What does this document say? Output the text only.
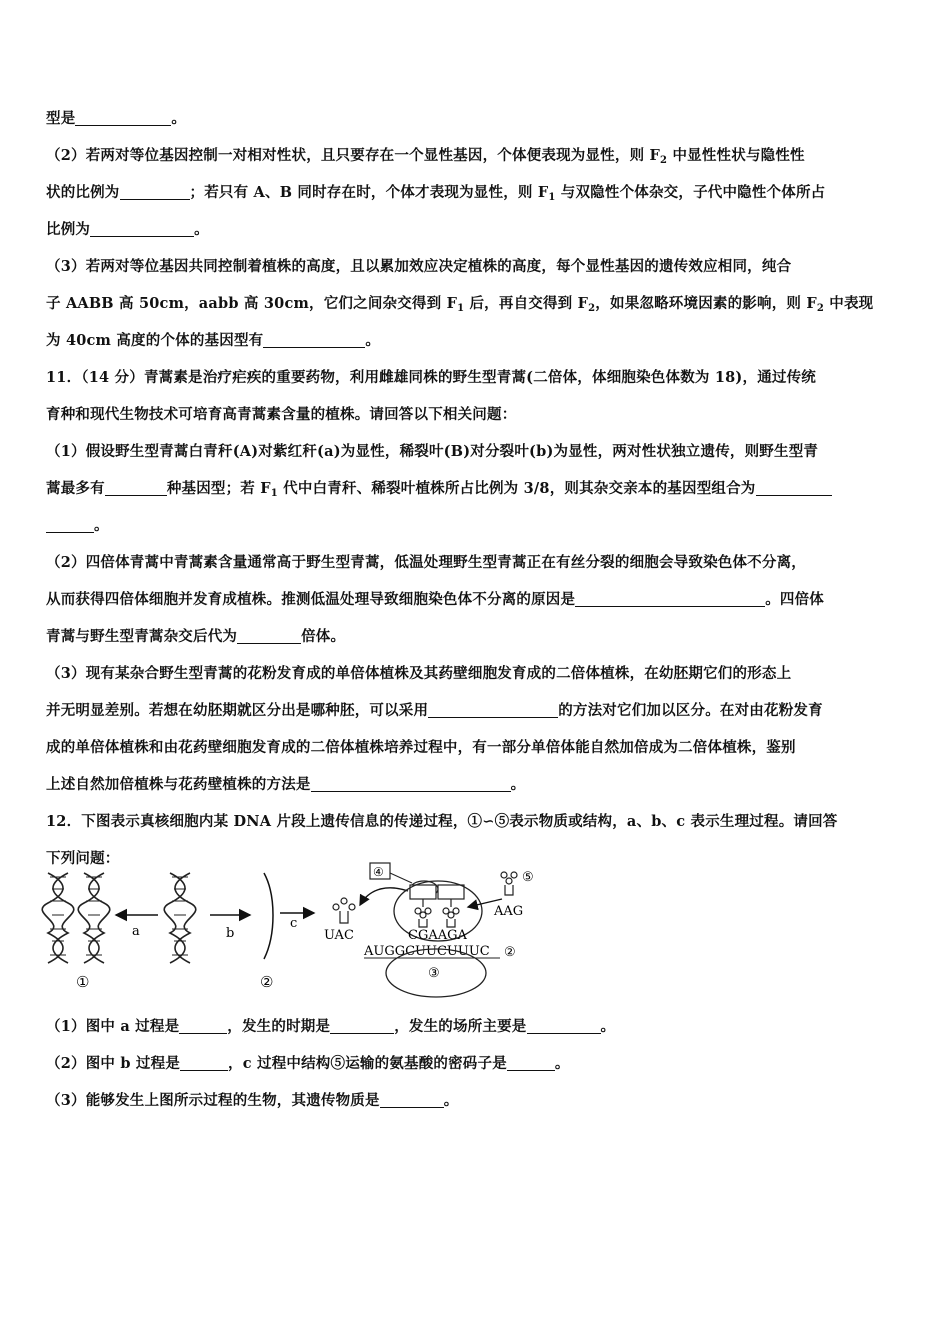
型是	。
（2）若两对等位基因控制一对相对性状，且只要存在一个显性基因，个体便表现为显性，则 $F_2$ 中显性性状与隐性性
状的比例为	；若只有 A、B 同时存在时，个体才表现为显性，则 $F_1$ 与双隐性个体杂交，子代中隐性个体所占
比例为	。
（3）若两对等位基因共同控制着植株的高度，且以累加效应决定植株的高度，每个显性基因的遗传效应相同，纯合
子 AABB 高 50cm，aabb 高 30cm，它们之间杂交得到 $F_1$ 后，再自交得到 $F_2$，如果忽略环境因素的影响，则 $F_2$ 中表现
为 40cm 高度的个体的基因型有	。
11．（14 分）青蒿素是治疗疟疾的重要药物，利用雌雄同株的野生型青蒿(二倍体，体细胞染色体数为 18)，通过传统
育种和现代生物技术可培育高青蒿素含量的植株。请回答以下相关问题：
（1）假设野生型青蒿白青秆(A)对紫红秆(a)为显性，稀裂叶(B)对分裂叶(b)为显性，两对性状独立遗传，则野生型青
蒿最多有	种基因型；若 $F_1$ 代中白青秆、稀裂叶植株所占比例为 3/8，则其杂交亲本的基因型组合为
。
（2）四倍体青蒿中青蒿素含量通常高于野生型青蒿，低温处理野生型青蒿正在有丝分裂的细胞会导致染色体不分离，
从而获得四倍体细胞并发育成植株。推测低温处理导致细胞染色体不分离的原因是	。四倍体
青蒿与野生型青蒿杂交后代为	倍体。
（3）现有某杂合野生型青蒿的花粉发育成的单倍体植株及其药壁细胞发育成的二倍体植株，在幼胚期它们的形态上
并无明显差别。若想在幼胚期就区分出是哪种胚，可以采用	的方法对它们加以区分。在对由花粉发育
成的单倍体植株和由花药壁细胞发育成的二倍体植株培养过程中，有一部分单倍体能自然加倍成为二倍体植株，鉴别
上述自然加倍植株与花药壁植株的方法是	。
12．下图表示真核细胞内某 DNA 片段上遗传信息的传递过程，①∽⑤表示物质或结构，a、b、c 表示生理过程。请回答
下列问题：
a	b
c
①	②
UAC
④
CGAAGA
AUGGCUUCUUUC ②
③
⑤
AAG
（1）图中 a 过程是	，发生的时期是	，发生的场所主要是	。
（2）图中 b 过程是	，c 过程中结构⑤运输的氨基酸的密码子是	。
（3）能够发生上图所示过程的生物，其遗传物质是	。
